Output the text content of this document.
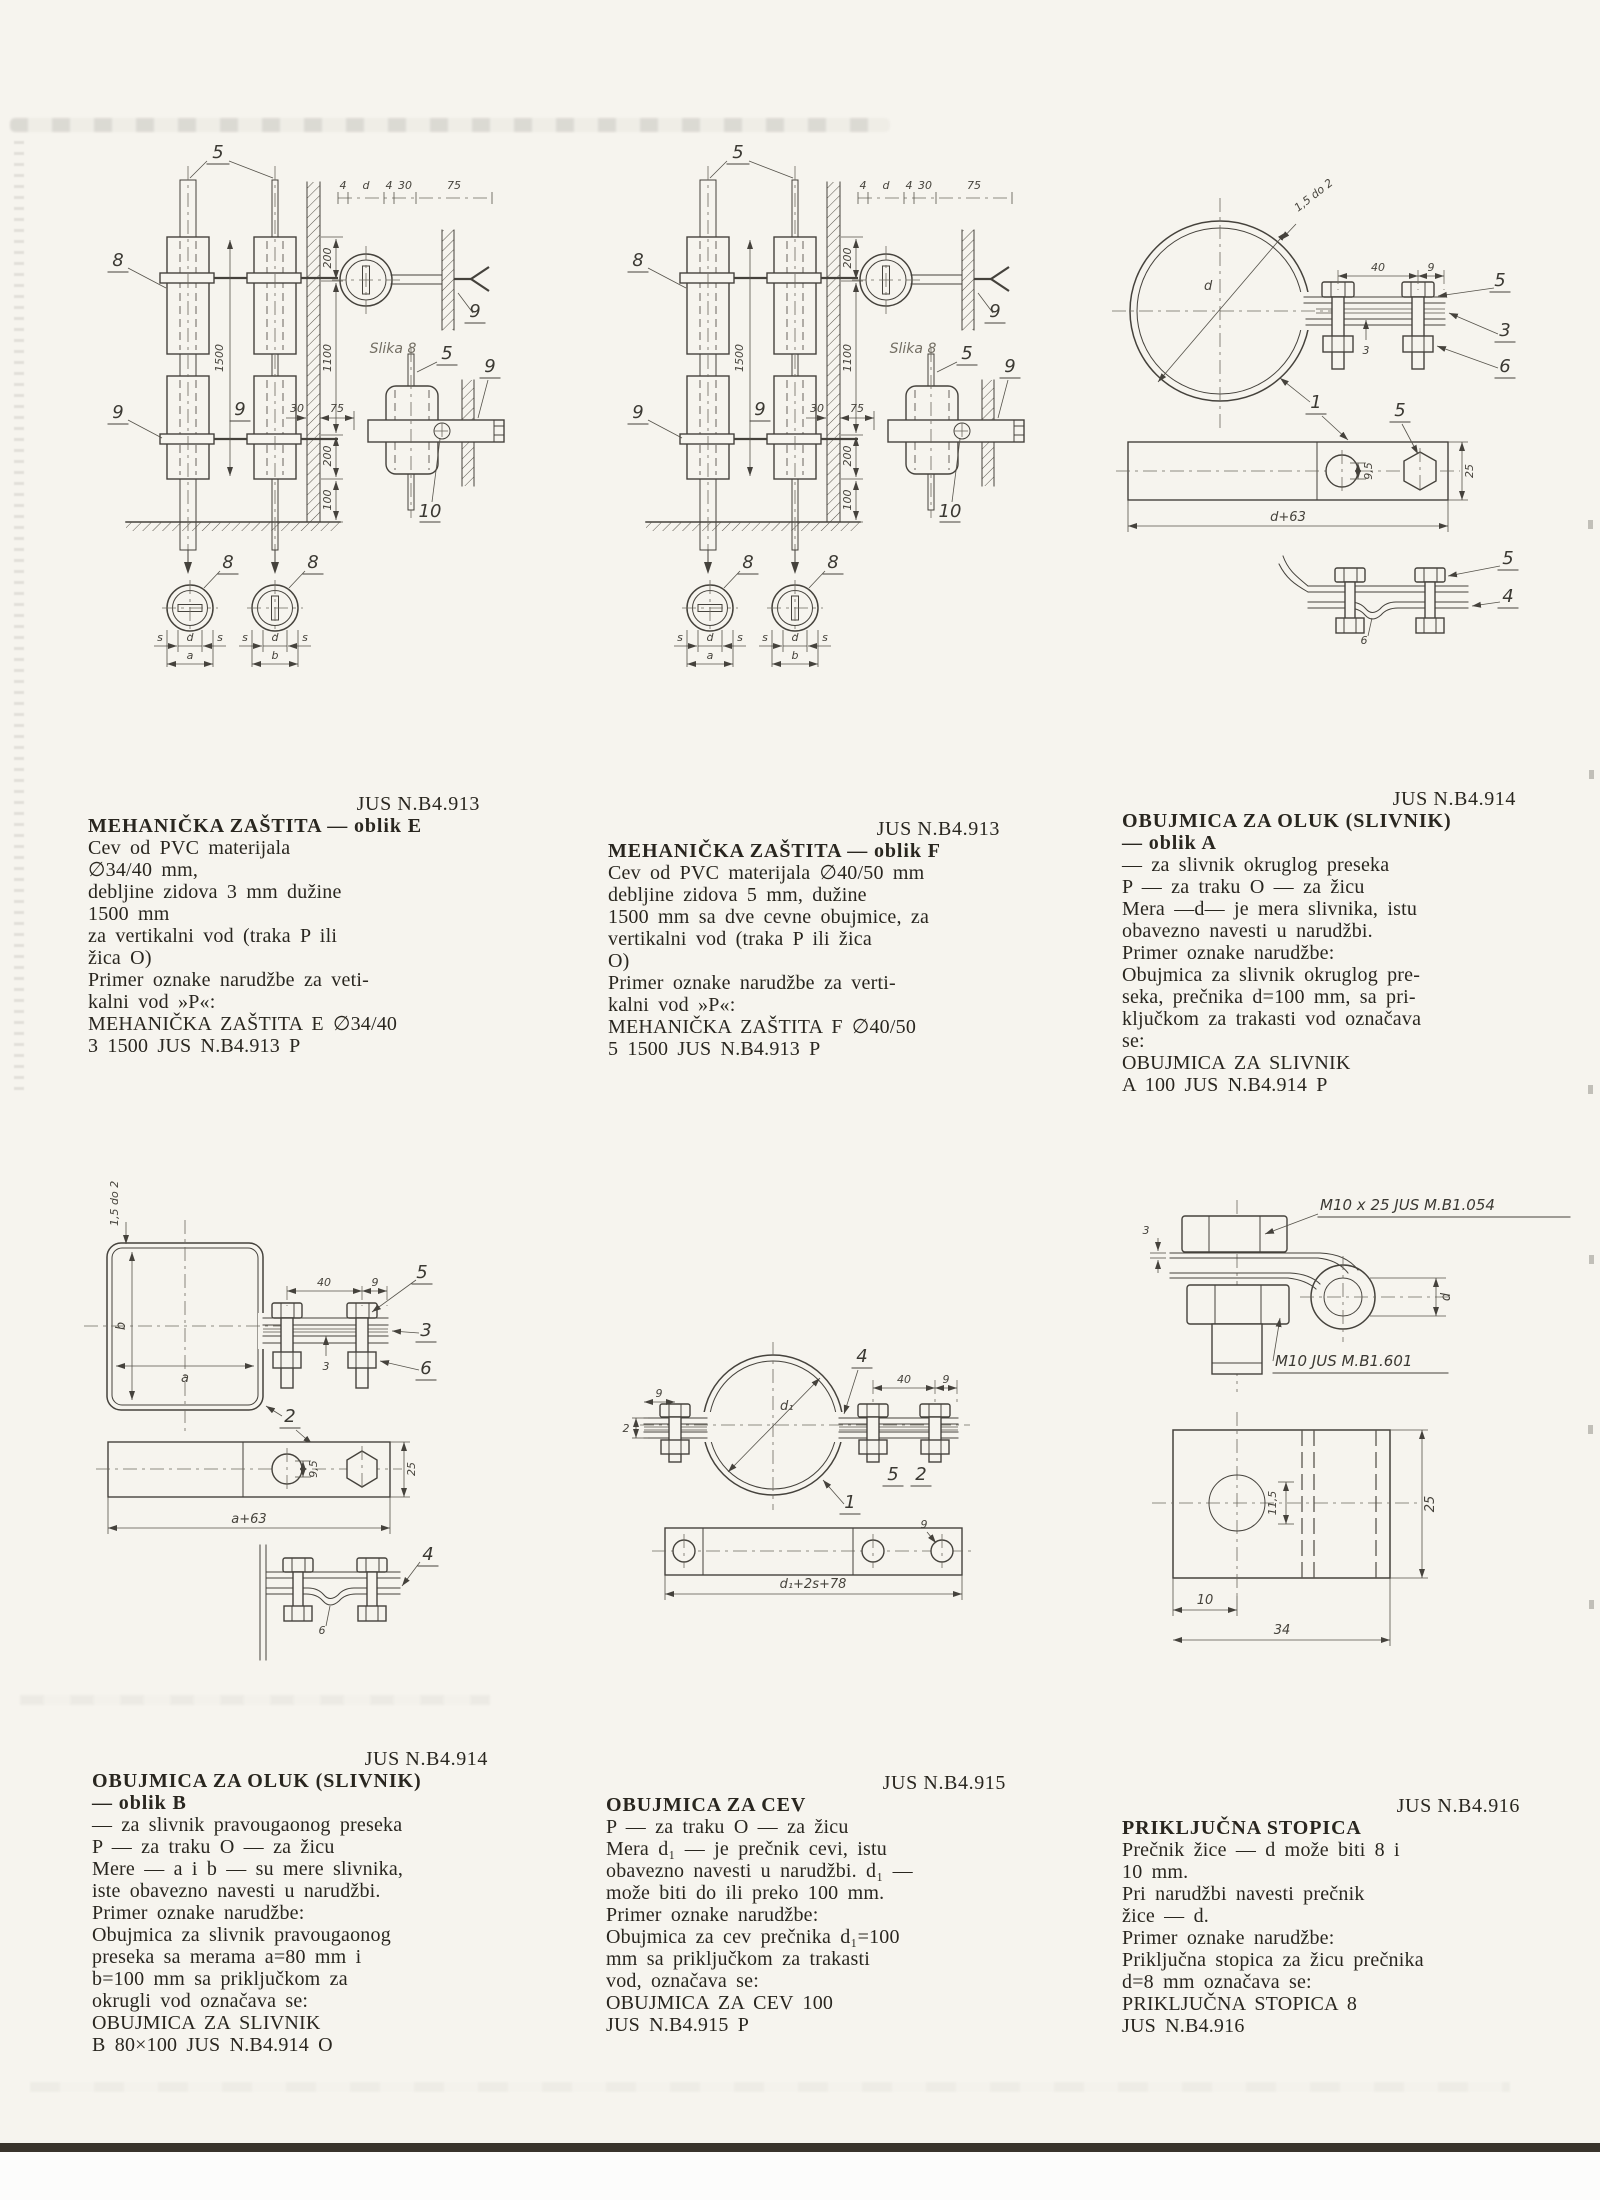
d
1,5 do 2
40	9
3
5
3
6
1
9,5	25
d+63
5
5
4
6
1,5 do 2
b
a
40	9
3
5
3
6
2
9,5	25
a+63
4
6
d₁
9
2
40	9
4
5 2
1
9
d₁+2s+78
d
3
M10 x 25 JUS M.B1.054
M10 JUS M.B1.601
11,5	25
10
34
JUS N.B4.913
MEHANIČKA ZAŠTITA — oblik E
Cev od PVC materijala
∅34/40 mm,
debljine zidova 3 mm dužine
1500 mm
za vertikalni vod (traka P ili
žica O)
Primer oznake narudžbe za veti-
kalni vod »P«:
MEHANIČKA ZAŠTITA E ∅34/40
3 1500 JUS N.B4.913 P
JUS N.B4.913
MEHANIČKA ZAŠTITA — oblik F
Cev od PVC materijala ∅40/50 mm
debljine zidova 5 mm, dužine
1500 mm sa dve cevne obujmice, za
vertikalni vod (traka P ili žica
O)
Primer oznake narudžbe za verti-
kalni vod »P«:
MEHANIČKA ZAŠTITA F ∅40/50
5 1500 JUS N.B4.913 P
JUS N.B4.914
OBUJMICA ZA OLUK (SLIVNIK)
— oblik A
— za slivnik okruglog preseka
P — za traku O — za žicu
Mera —d— je mera slivnika, istu
obavezno navesti u narudžbi.
Primer oznake narudžbe:
Obujmica za slivnik okruglog pre-
seka, prečnika d=100 mm, sa pri-
ključkom za trakasti vod označava
se:
OBUJMICA ZA SLIVNIK
A 100 JUS N.B4.914 P
JUS N.B4.914
OBUJMICA ZA OLUK (SLIVNIK)
— oblik B
— za slivnik pravougaonog preseka
P — za traku O — za žicu
Mere — a i b — su mere slivnika,
iste obavezno navesti u narudžbi.
Primer oznake narudžbe:
Obujmica za slivnik pravougaonog
preseka sa merama a=80 mm i
b=100 mm sa priključkom za
okrugli vod označava se:
OBUJMICA ZA SLIVNIK
B 80×100 JUS N.B4.914 O
JUS N.B4.915
OBUJMICA ZA CEV
P — za traku O — za žicu
Mera d₁ — je prečnik cevi, istu
obavezno navesti u narudžbi. d₁ —
može biti do ili preko 100 mm.
Primer oznake narudžbe:
Obujmica za cev prečnika d₁=100
mm sa priključkom za trakasti
vod, označava se:
OBUJMICA ZA CEV 100
JUS N.B4.915 P
JUS N.B4.916
PRIKLJUČNA STOPICA
Prečnik žice — d može biti 8 i
10 mm.
Pri narudžbi navesti prečnik
žice — d.
Primer oznake narudžbe:
Priključna stopica za žicu prečnika
d=8 mm označava se:
PRIKLJUČNA STOPICA 8
JUS N.B4.916
